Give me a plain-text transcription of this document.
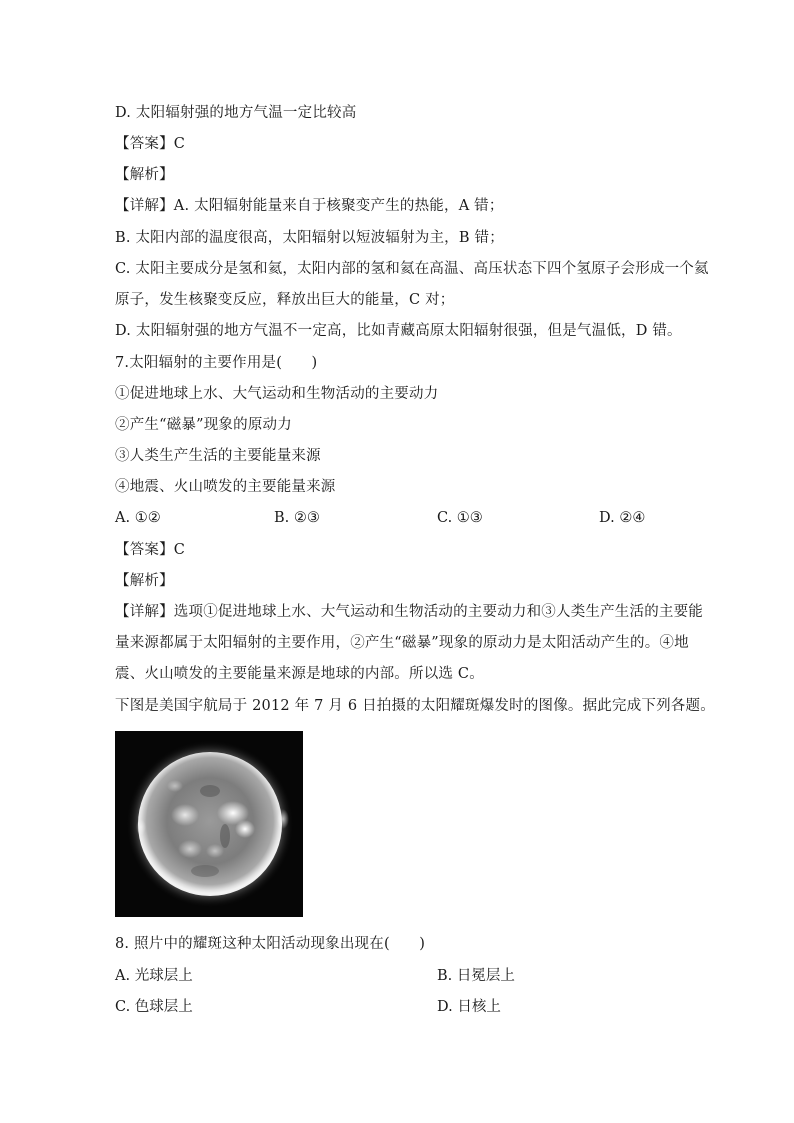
D. 太阳辐射强的地方气温一定比较高
【答案】C
【解析】
【详解】A. 太阳辐射能量来自于核聚变产生的热能，A 错；
B. 太阳内部的温度很高，太阳辐射以短波辐射为主，B 错；
C. 太阳主要成分是氢和氦，太阳内部的氢和氦在高温、高压状态下四个氢原子会形成一个氦
原子，发生核聚变反应，释放出巨大的能量，C 对；
D. 太阳辐射强的地方气温不一定高，比如青藏高原太阳辐射很强，但是气温低，D 错。
7.太阳辐射的主要作用是(　　)
①促进地球上水、大气运动和生物活动的主要动力
②产生“磁暴”现象的原动力
③人类生产生活的主要能量来源
④地震、火山喷发的主要能量来源
A. ①②	B. ②③	C. ①③	D. ②④
【答案】C
【解析】
【详解】选项①促进地球上水、大气运动和生物活动的主要动力和③人类生产生活的主要能
量来源都属于太阳辐射的主要作用，②产生“磁暴”现象的原动力是太阳活动产生的。④地
震、火山喷发的主要能量来源是地球的内部。所以选 C。
下图是美国宇航局于 2012 年 7 月 6 日拍摄的太阳耀斑爆发时的图像。据此完成下列各题。
8. 照片中的耀斑这种太阳活动现象出现在(　　)
A. 光球层上	B. 日冕层上
C. 色球层上	D. 日核上
